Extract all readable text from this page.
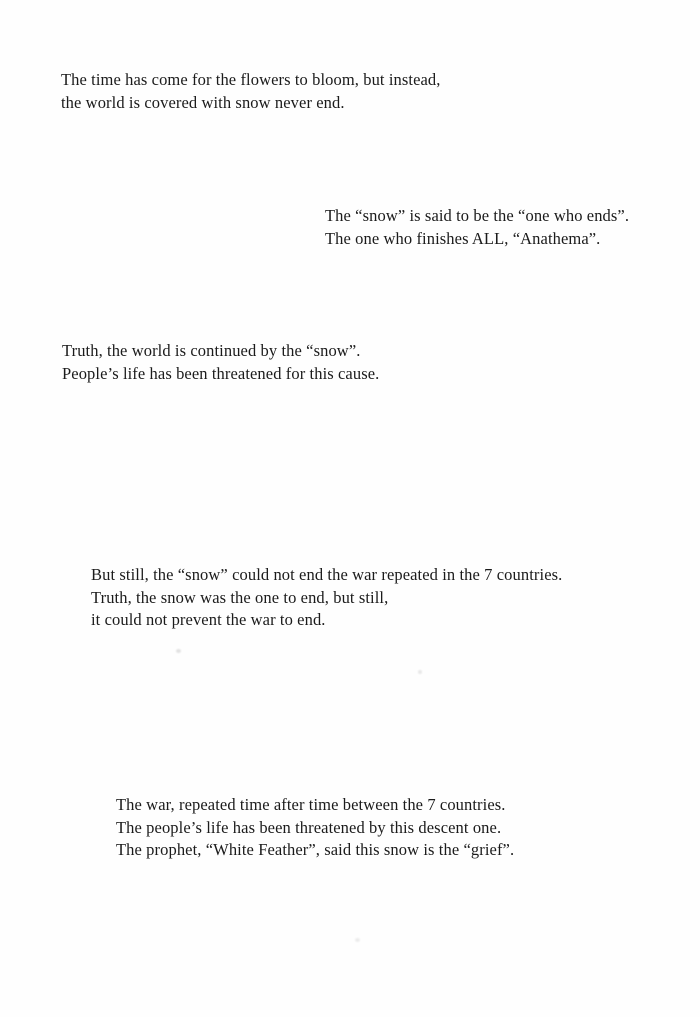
The time has come for the flowers to bloom, but instead,
the world is covered with snow never end.
The “snow” is said to be the “one who ends”.
The one who finishes ALL, “Anathema”.
Truth, the world is continued by the “snow”.
People’s life has been threatened for this cause.
But still, the “snow” could not end the war repeated in the 7 countries.
Truth, the snow was the one to end, but still,
it could not prevent the war to end.
The war, repeated time after time between the 7 countries.
The people’s life has been threatened by this descent one.
The prophet, “White Feather”, said this snow is the “grief”.
